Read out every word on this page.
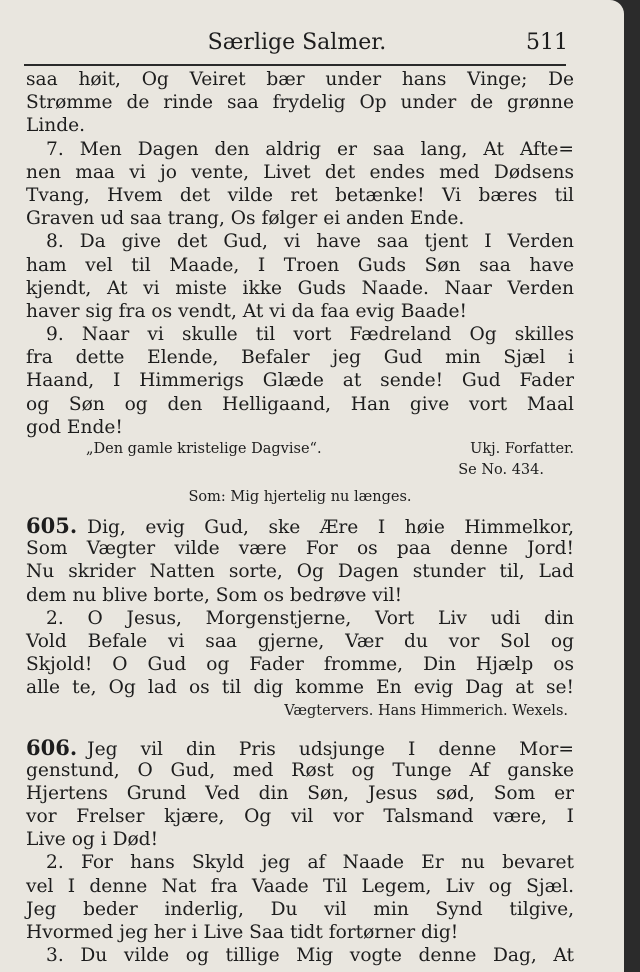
Særlige Salmer.	511
saa høit, Og Veiret bær under hans Vinge; De
Strømme de rinde saa frydelig Op under de grønne
Linde.
7. Men Dagen den aldrig er saa lang, At Afte=
nen maa vi jo vente, Livet det endes med Dødsens
Tvang, Hvem det vilde ret betænke! Vi bæres til
Graven ud saa trang, Os følger ei anden Ende.
8. Da give det Gud, vi have saa tjent I Verden
ham vel til Maade, I Troen Guds Søn saa have
kjendt, At vi miste ikke Guds Naade. Naar Verden
haver sig fra os vendt, At vi da faa evig Baade!
9. Naar vi skulle til vort Fædreland Og skilles
fra dette Elende, Befaler jeg Gud min Sjæl i
Haand, I Himmerigs Glæde at sende! Gud Fader
og Søn og den Helligaand, Han give vort Maal
god Ende!
„Den gamle kristelige Dagvise“.	Ukj. Forfatter.
Se No. 434.
Som: Mig hjertelig nu længes.
605. Dig, evig Gud, ske Ære I høie Himmelkor,
Som Vægter vilde være For os paa denne Jord!
Nu skrider Natten sorte, Og Dagen stunder til, Lad
dem nu blive borte, Som os bedrøve vil!
2. O Jesus, Morgenstjerne, Vort Liv udi din
Vold Befale vi saa gjerne, Vær du vor Sol og
Skjold! O Gud og Fader fromme, Din Hjælp os
alle te, Og lad os til dig komme En evig Dag at se!
Vægtervers. Hans Himmerich. Wexels.
606. Jeg vil din Pris udsjunge I denne Mor=
genstund, O Gud, med Røst og Tunge Af ganske
Hjertens Grund Ved din Søn, Jesus sød, Som er
vor Frelser kjære, Og vil vor Talsmand være, I
Live og i Død!
2. For hans Skyld jeg af Naade Er nu bevaret
vel I denne Nat fra Vaade Til Legem, Liv og Sjæl.
Jeg beder inderlig, Du vil min Synd tilgive,
Hvormed jeg her i Live Saa tidt fortørner dig!
3. Du vilde og tillige Mig vogte denne Dag, At
